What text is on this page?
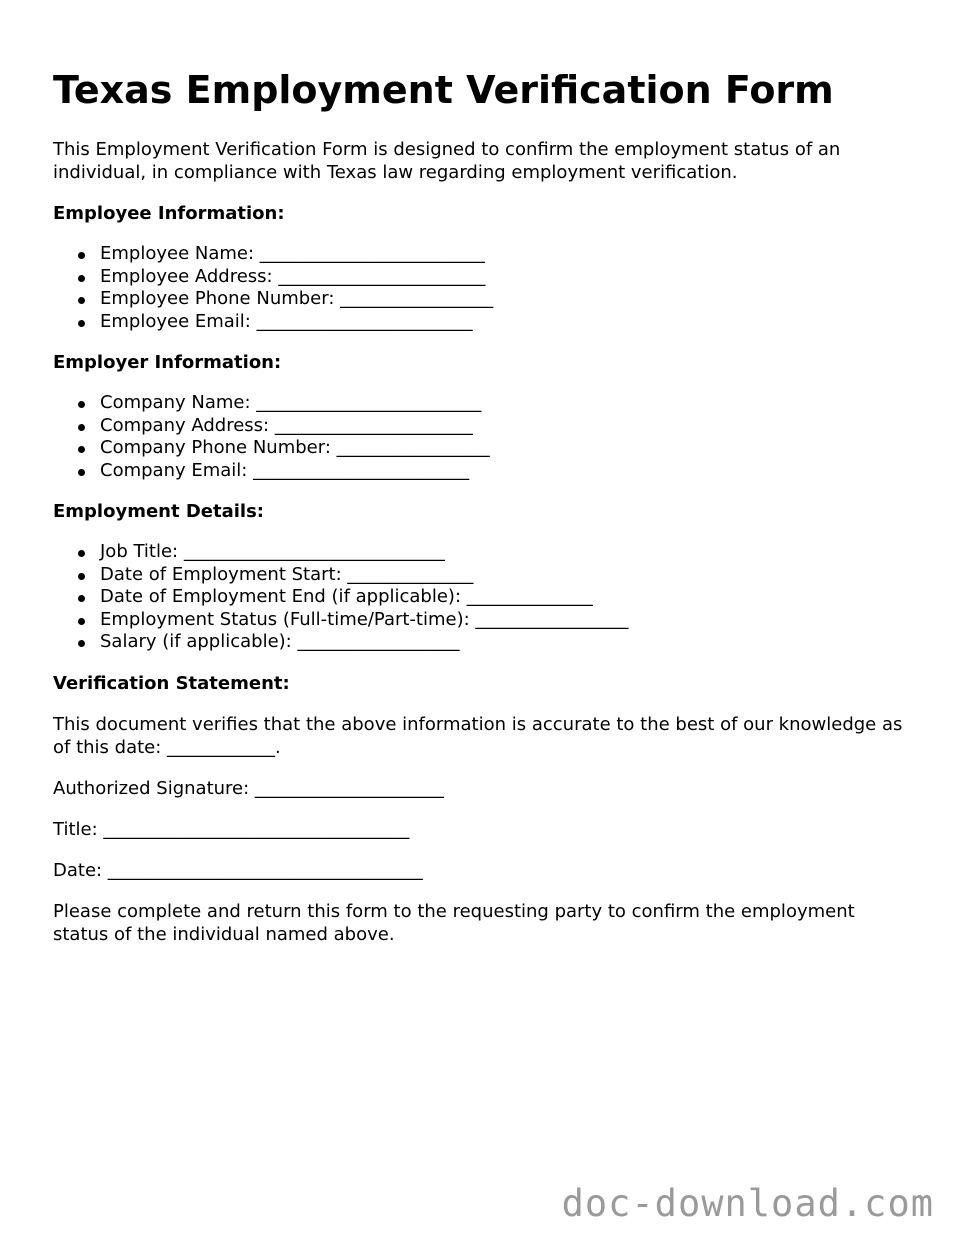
Texas Employment Verification Form

This Employment Verification Form is designed to confirm the employment status of an individual, in compliance with Texas law regarding employment verification.

Employee Information:
Employee Name: _________________________
Employee Address: _______________________
Employee Phone Number: _________________
Employee Email: ________________________
Employer Information:
Company Name: _________________________
Company Address: ______________________
Company Phone Number: _________________
Company Email: ________________________
Employment Details:
Job Title: _____________________________
Date of Employment Start: ______________
Date of Employment End (if applicable): ______________
Employment Status (Full-time/Part-time): _________________
Salary (if applicable): __________________
Verification Statement:

This document verifies that the above information is accurate to the best of our knowledge as of this date: ____________.

Authorized Signature: _____________________

Title: __________________________________

Date: ___________________________________

Please complete and return this form to the requesting party to confirm the employment status of the individual named above.

doc-download.com
